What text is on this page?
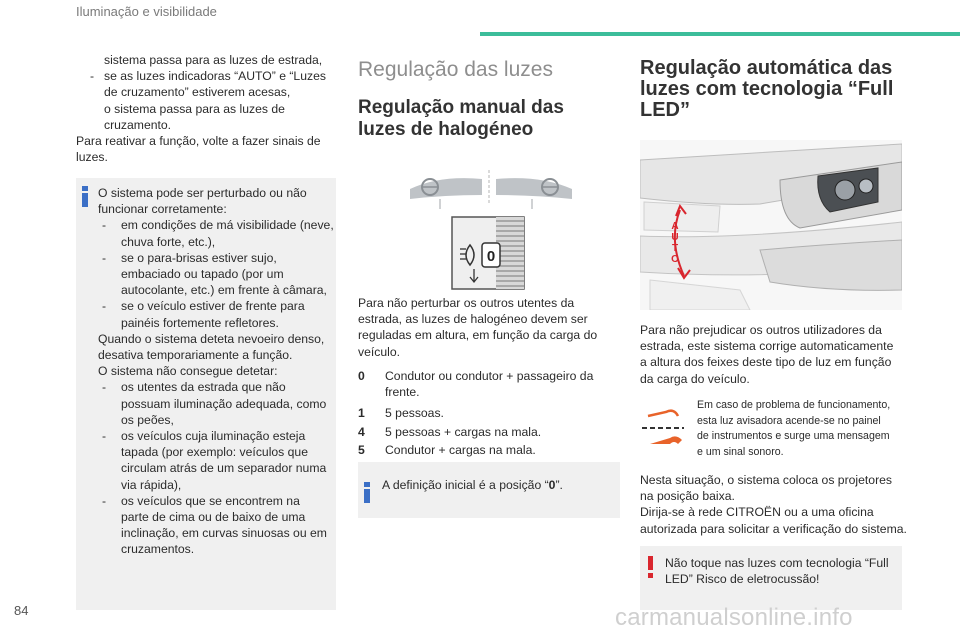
Iluminação e visibilidade

sistema passa para as luzes de estrada,

- se as luzes indicadoras “AUTO” e “Luzes
de cruzamento” estiverem acesas,
o sistema passa para as luzes de
cruzamento.

Para reativar a função, volte a fazer sinais de
luzes.

O sistema pode ser perturbado ou não
funcionar corretamente:

- em condições de má visibilidade (neve,
chuva forte, etc.),
- se o para-brisas estiver sujo,
embaciado ou tapado (por um
autocolante, etc.) em frente à câmara,
- se o veículo estiver de frente para
painéis fortemente refletores.

Quando o sistema deteta nevoeiro denso,
desativa temporariamente a função.
O sistema não consegue detetar:

- os utentes da estrada que não
possuam iluminação adequada, como
os peões,
- os veículos cuja iluminação esteja
tapada (por exemplo: veículos que
circulam atrás de um separador numa
via rápida),
- os veículos que se encontrem na
parte de cima ou de baixo de uma
inclinação, em curvas sinuosas ou em
cruzamentos.
Regulação das luzes
Regulação manual das
luzes de halogéneo
0
Para não perturbar os outros utentes da
estrada, as luzes de halogéneo devem ser
reguladas em altura, em função da carga do
veículo.
0 Condutor ou condutor + passageiro da
frente.
1 5 pessoas.
4 5 pessoas + cargas na mala.
5 Condutor + cargas na mala.
A definição inicial é a posição “0”.
Regulação automática das
luzes com tecnologia “Full
LED”
A
U
T
O
Para não prejudicar os outros utilizadores da
estrada, este sistema corrige automaticamente
a altura dos feixes deste tipo de luz em função
da carga do veículo.
Em caso de problema de funcionamento,
esta luz avisadora acende-se no painel
de instrumentos e surge uma mensagem
e um sinal sonoro.
Nesta situação, o sistema coloca os projetores
na posição baixa.
Dirija-se à rede CITROËN ou a uma oficina
autorizada para solicitar a verificação do sistema.
Não toque nas luzes com tecnologia “Full
LED” Risco de eletrocussão!
84	carmanualsonline.info
